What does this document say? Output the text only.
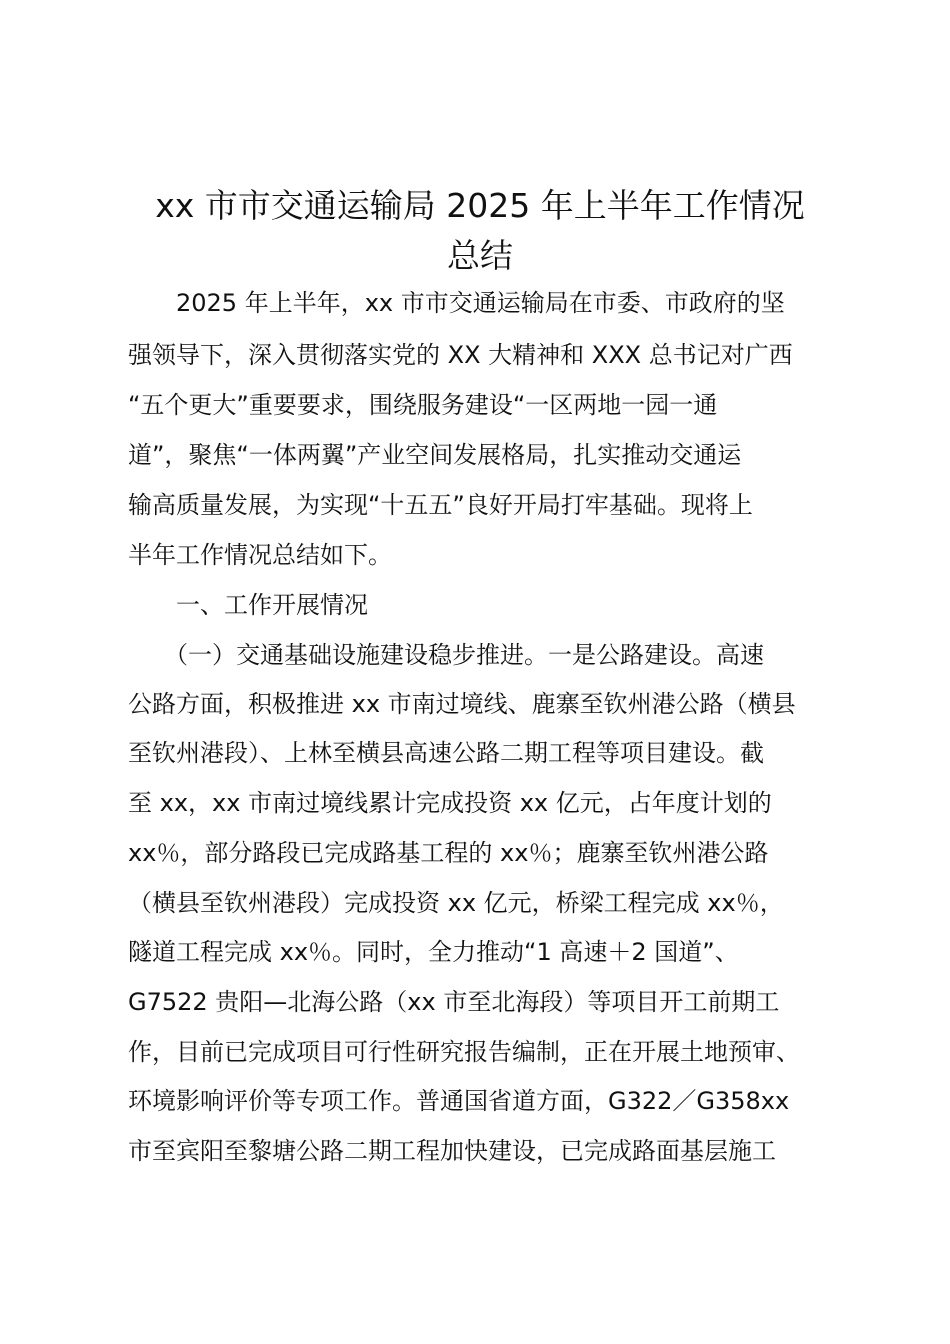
xx 市市交通运输局 2025 年上半年工作情况
总结
　　2025 年上半年，xx 市市交通运输局在市委、市政府的坚
强领导下，深入贯彻落实党的 XX 大精神和 XXX 总书记对广西
“五个更大”重要要求，围绕服务建设“一区两地一园一通
道”，聚焦“一体两翼”产业空间发展格局，扎实推动交通运
输高质量发展，为实现“十五五”良好开局打牢基础。现将上
半年工作情况总结如下。
　　一、工作开展情况
　　（一）交通基础设施建设稳步推进。一是公路建设。高速
公路方面，积极推进 xx 市南过境线、鹿寨至钦州港公路（横县
至钦州港段）、上林至横县高速公路二期工程等项目建设。截
至 xx，xx 市南过境线累计完成投资 xx 亿元，占年度计划的
xx％，部分路段已完成路基工程的 xx％；鹿寨至钦州港公路
（横县至钦州港段）完成投资 xx 亿元，桥梁工程完成 xx％，
隧道工程完成 xx％。同时，全力推动“1 高速＋2 国道”、
G7522 贵阳—北海公路（xx 市至北海段）等项目开工前期工
作，目前已完成项目可行性研究报告编制，正在开展土地预审、
环境影响评价等专项工作。普通国省道方面，G322／G358xx
市至宾阳至黎塘公路二期工程加快建设，已完成路面基层施工
